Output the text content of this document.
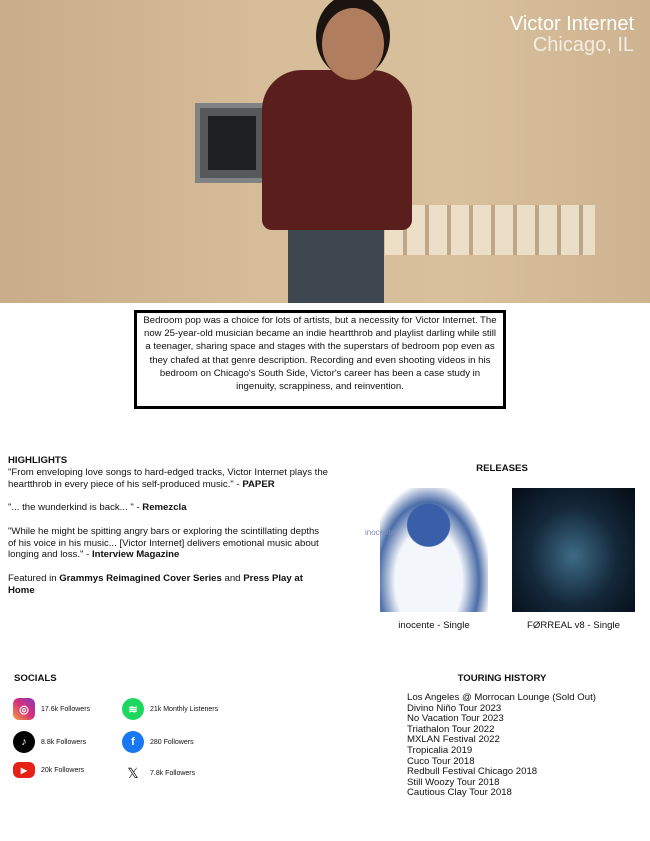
Victor Internet
Chicago, IL
Bedroom pop was a choice for lots of artists, but a necessity for Victor Internet. The now 25-year-old musician became an indie heartthrob and playlist darling while still a teenager, sharing space and stages with the superstars of bedroom pop even as they chafed at that genre description. Recording and even shooting videos in his bedroom on Chicago's South Side, Victor's career has been a case study in ingenuity, scrappiness, and reinvention.
HIGHLIGHTS

"From enveloping love songs to hard-edged tracks, Victor Internet plays the heartthrob in every piece of his self-produced music." - PAPER

"... the wunderkind is back... " - Remezcla

"While he might be spitting angry bars or exploring the scintillating depths of his voice in his music... [Victor Internet] delivers emotional music about longing and loss." - Interview Magazine

Featured in Grammys Reimagined Cover Series and Press Play at Home

RELEASES
inocente
inocente - Single	FØRREAL v8 - Single
SOCIALS
◎	17.6k Followers	≋	21k Monthly Listeners
♪	8.8k Followers	f	280 Followers
▶	20k Followers	𝕏	7.8k Followers
TOURING HISTORY
Los Angeles @ Morrocan Lounge (Sold Out)
Divino Niño Tour 2023
No Vacation Tour 2023
Triathalon Tour 2022
MXLAN Festival 2022
Tropicalia 2019
Cuco Tour 2018
Redbull Festival Chicago 2018
Still Woozy Tour 2018
Cautious Clay Tour 2018
